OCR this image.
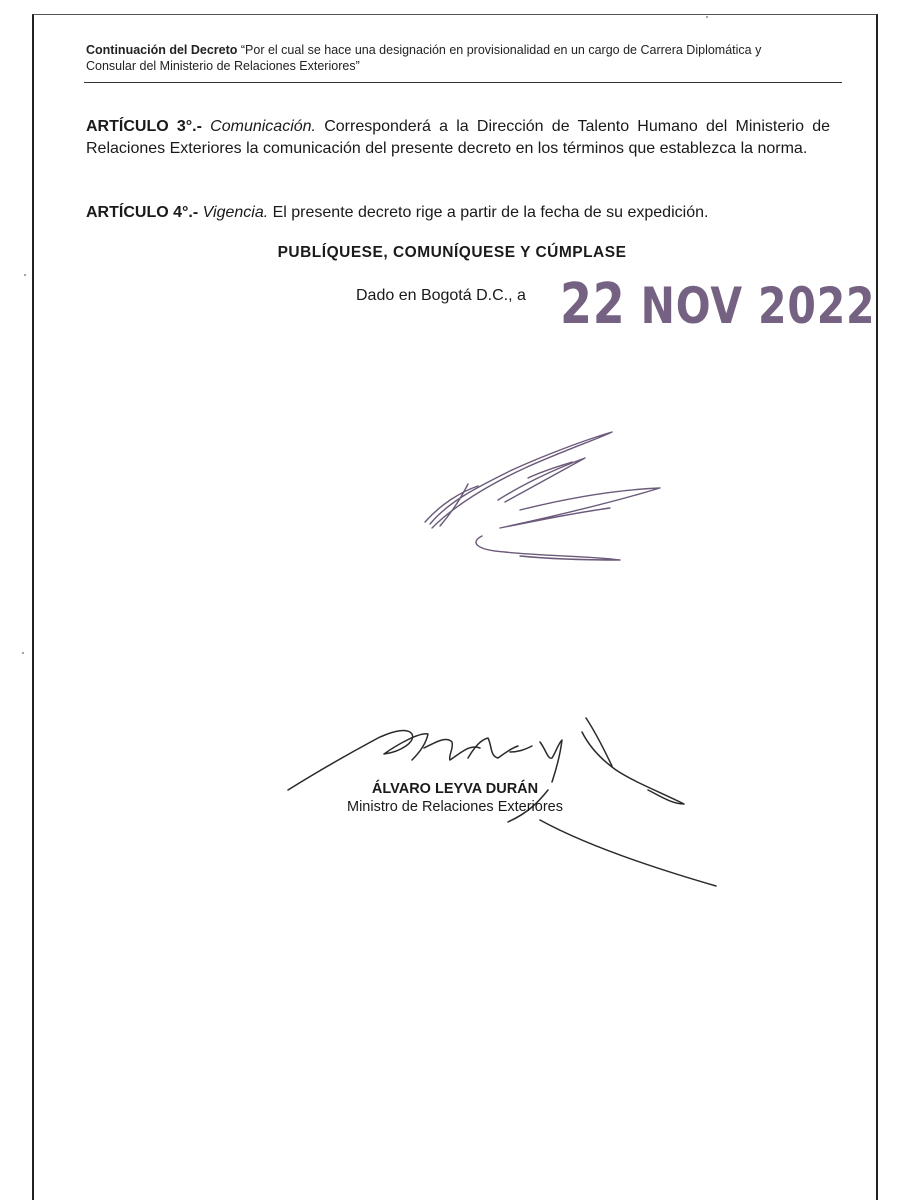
Continuación del Decreto “Por el cual se hace una designación en provisionalidad en un cargo de Carrera Diplomática y Consular del Ministerio de Relaciones Exteriores”
ARTÍCULO 3°.- Comunicación. Corresponderá a la Dirección de Talento Humano del Ministerio de Relaciones Exteriores la comunicación del presente decreto en los términos que establezca la norma.
ARTÍCULO 4°.- Vigencia. El presente decreto rige a partir de la fecha de su expedición.
PUBLÍQUESE, COMUNÍQUESE Y CÚMPLASE
Dado en Bogotá D.C., a 22 NOV 2022
ÁLVARO LEYVA DURÁN
Ministro de Relaciones Exteriores
